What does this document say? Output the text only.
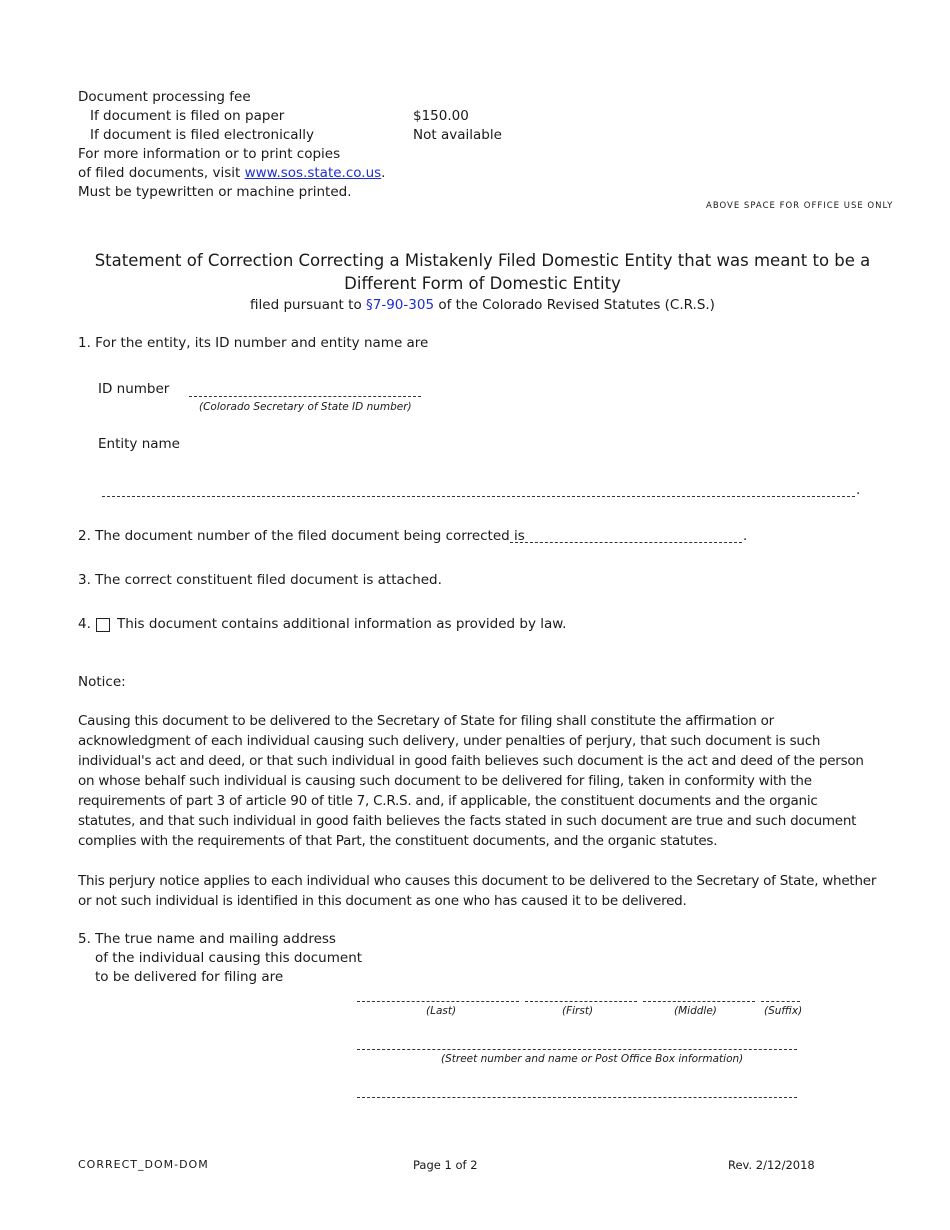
Document processing fee
If document is filed on paper	$150.00
If document is filed electronically	Not available
For more information or to print copies
of filed documents, visit www.sos.state.co.us.
Must be typewritten or machine printed.
ABOVE SPACE FOR OFFICE USE ONLY
Statement of Correction Correcting a Mistakenly Filed Domestic Entity that was meant to be a
Different Form of Domestic Entity
filed pursuant to §7-90-305 of the Colorado Revised Statutes (C.R.S.)
1. For the entity, its ID number and entity name are
ID number
(Colorado Secretary of State ID number)
Entity name
.
2. The document number of the filed document being corrected is	.
3. The correct constituent filed document is attached.
4. This document contains additional information as provided by law.
Notice:
Causing this document to be delivered to the Secretary of State for filing shall constitute the affirmation or acknowledgment of each individual causing such delivery, under penalties of perjury, that such document is such individual's act and deed, or that such individual in good faith believes such document is the act and deed of the person on whose behalf such individual is causing such document to be delivered for filing, taken in conformity with the requirements of part 3 of article 90 of title 7, C.R.S. and, if applicable, the constituent documents and the organic statutes, and that such individual in good faith believes the facts stated in such document are true and such document complies with the requirements of that Part, the constituent documents, and the organic statutes.
This perjury notice applies to each individual who causes this document to be delivered to the Secretary of State, whether or not such individual is identified in this document as one who has caused it to be delivered.
5. The true name and mailing address
of the individual causing this document
to be delivered for filing are
(Last)	(First)	(Middle)	(Suffix)
(Street number and name or Post Office Box information)
CORRECT_DOM-DOM	Page 1 of 2	Rev. 2/12/2018
